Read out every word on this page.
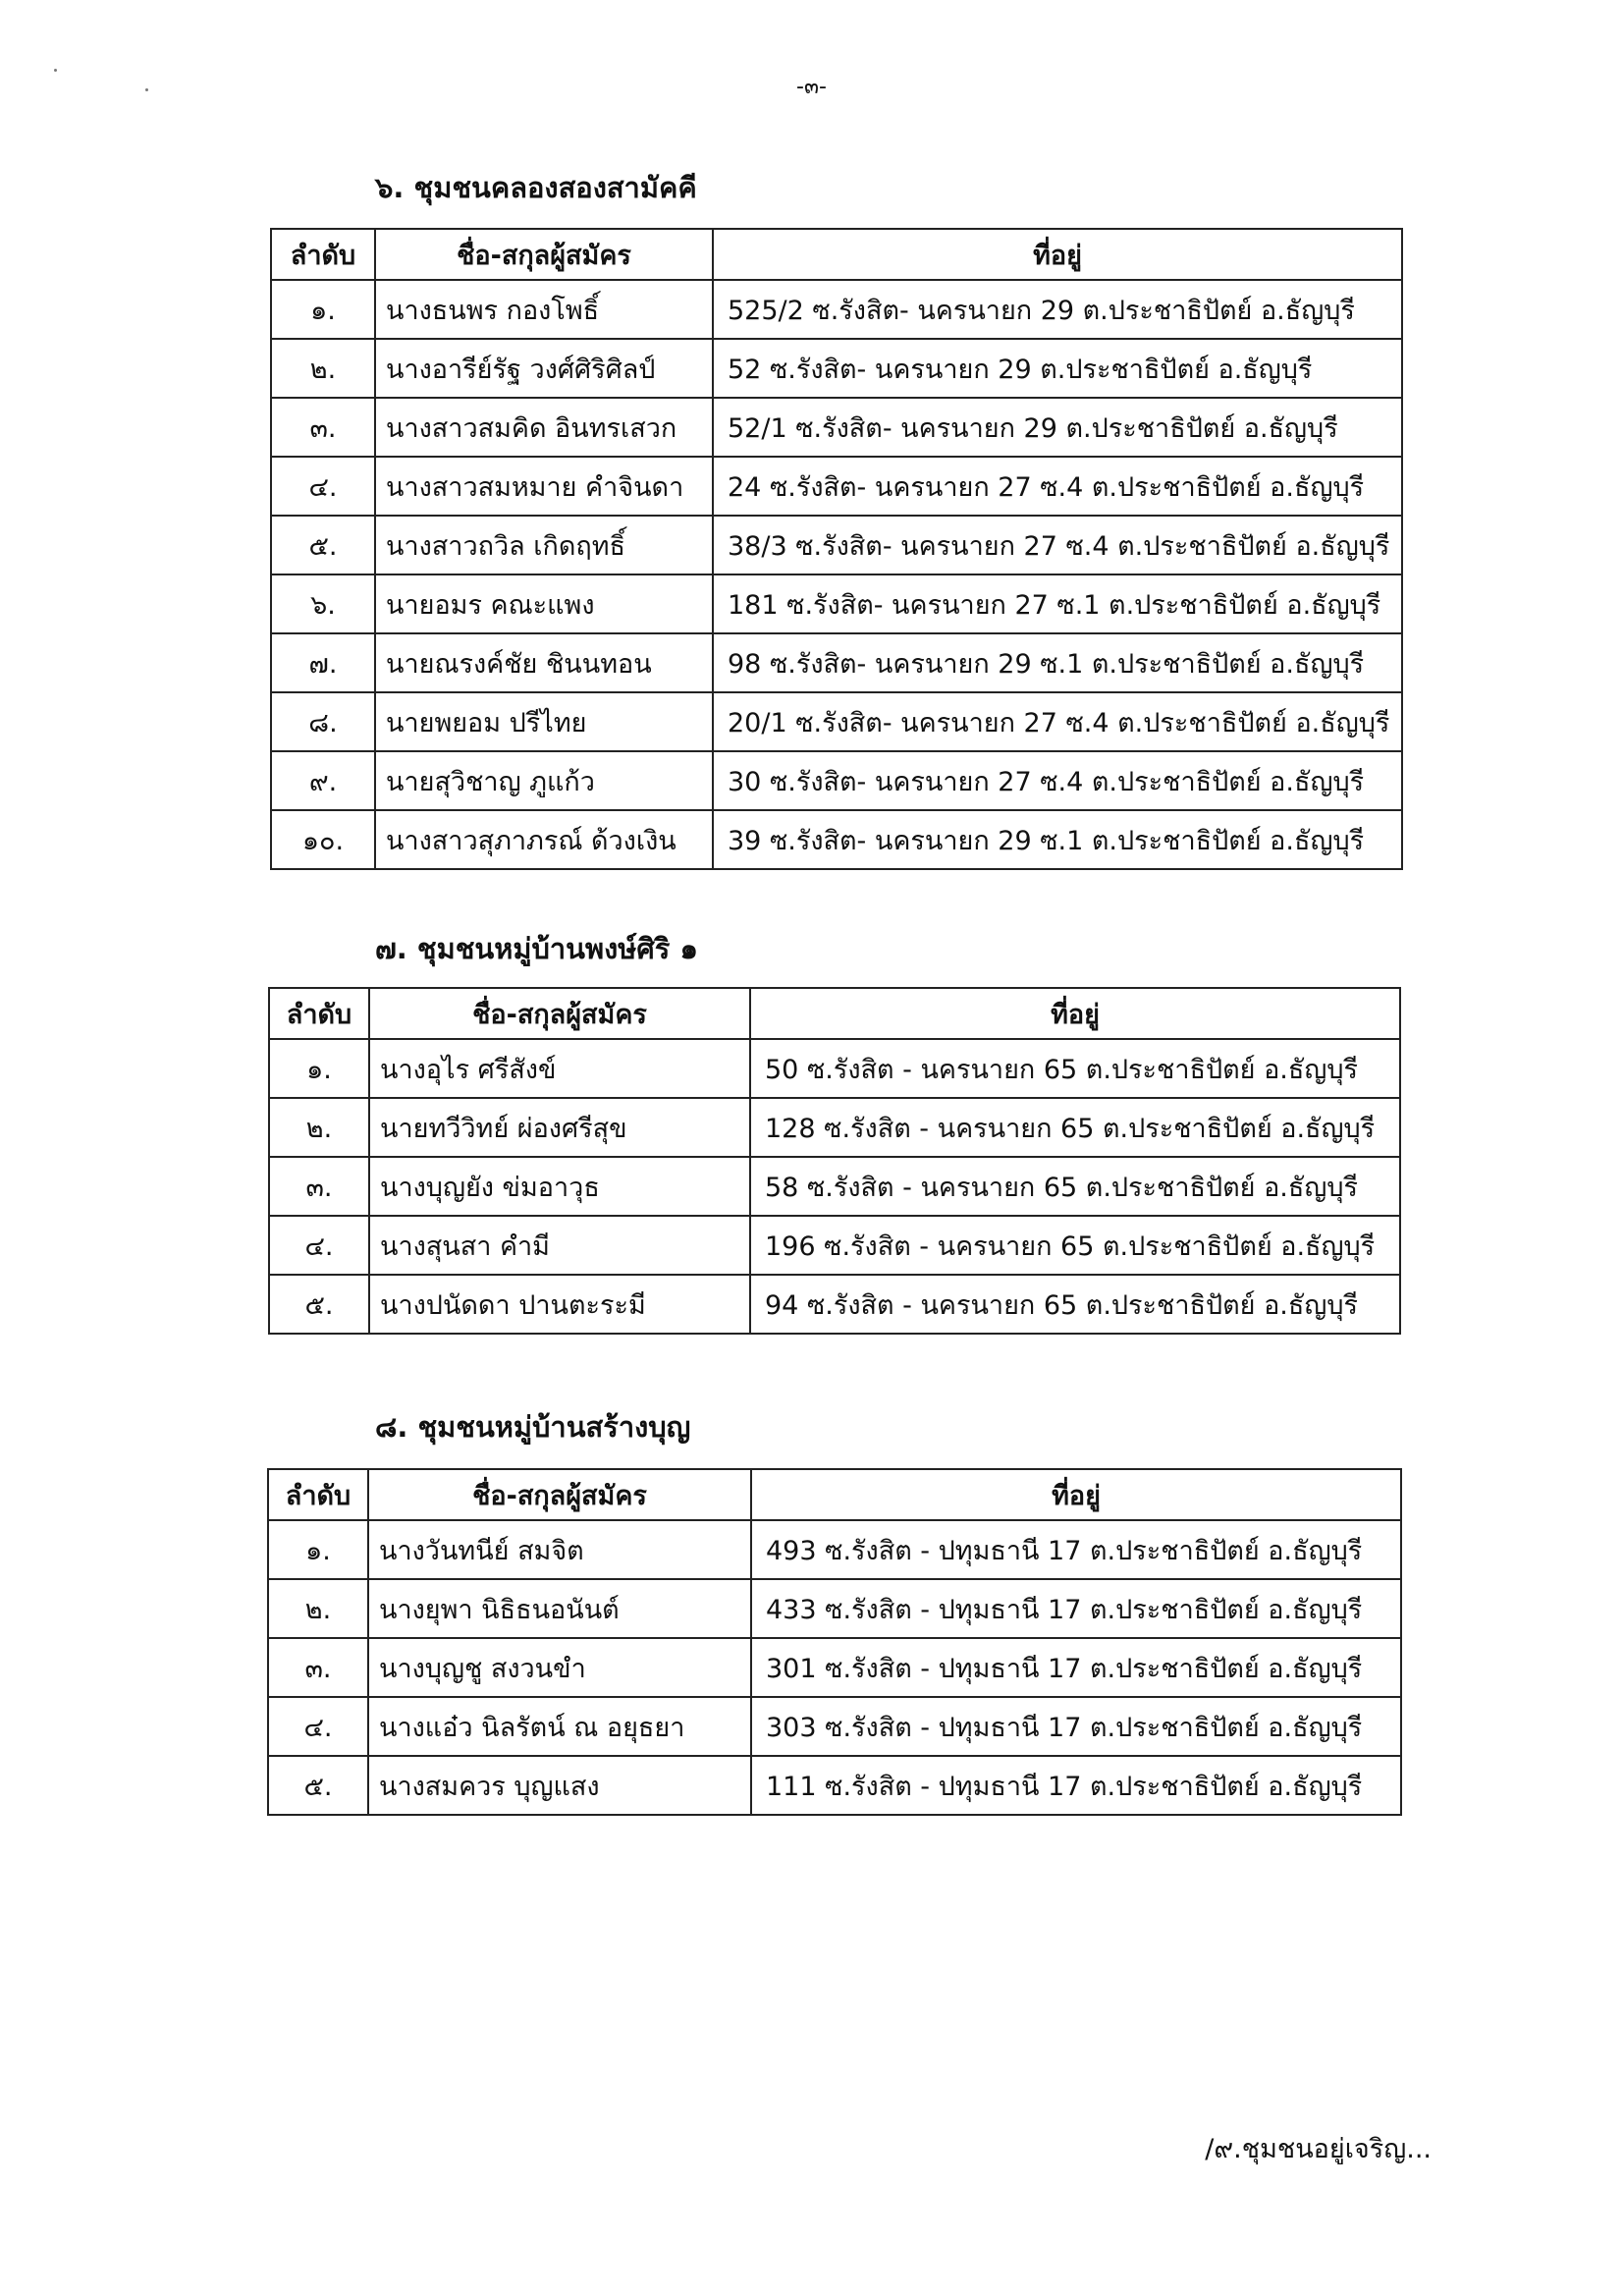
-๓-
๖. ชุมชนคลองสองสามัคคี
ลำดับ	ชื่อ-สกุลผู้สมัคร	ที่อยู่
๑.	นางธนพร กองโพธิ์	525/2 ซ.รังสิต- นครนายก 29 ต.ประชาธิปัตย์ อ.ธัญบุรี
๒.	นางอารีย์รัฐ วงศ์ศิริศิลป์	52 ซ.รังสิต- นครนายก 29 ต.ประชาธิปัตย์ อ.ธัญบุรี
๓.	นางสาวสมคิด อินทรเสวก	52/1 ซ.รังสิต- นครนายก 29 ต.ประชาธิปัตย์ อ.ธัญบุรี
๔.	นางสาวสมหมาย คำจินดา	24 ซ.รังสิต- นครนายก 27 ซ.4 ต.ประชาธิปัตย์ อ.ธัญบุรี
๕.	นางสาวถวิล เกิดฤทธิ์	38/3 ซ.รังสิต- นครนายก 27 ซ.4 ต.ประชาธิปัตย์ อ.ธัญบุรี
๖.	นายอมร คณะแพง	181 ซ.รังสิต- นครนายก 27 ซ.1 ต.ประชาธิปัตย์ อ.ธัญบุรี
๗.	นายณรงค์ชัย ชินนทอน	98 ซ.รังสิต- นครนายก 29 ซ.1 ต.ประชาธิปัตย์ อ.ธัญบุรี
๘.	นายพยอม ปรีไทย	20/1 ซ.รังสิต- นครนายก 27 ซ.4 ต.ประชาธิปัตย์ อ.ธัญบุรี
๙.	นายสุวิชาญ ภูแก้ว	30 ซ.รังสิต- นครนายก 27 ซ.4 ต.ประชาธิปัตย์ อ.ธัญบุรี
๑๐.	นางสาวสุภาภรณ์ ด้วงเงิน	39 ซ.รังสิต- นครนายก 29 ซ.1 ต.ประชาธิปัตย์ อ.ธัญบุรี
๗. ชุมชนหมู่บ้านพงษ์ศิริ ๑
ลำดับ	ชื่อ-สกุลผู้สมัคร	ที่อยู่
๑.	นางอุไร ศรีสังข์	50 ซ.รังสิต - นครนายก 65 ต.ประชาธิปัตย์ อ.ธัญบุรี
๒.	นายทวีวิทย์ ผ่องศรีสุข	128 ซ.รังสิต - นครนายก 65 ต.ประชาธิปัตย์ อ.ธัญบุรี
๓.	นางบุญยัง ข่มอาวุธ	58 ซ.รังสิต - นครนายก 65 ต.ประชาธิปัตย์ อ.ธัญบุรี
๔.	นางสุนสา คำมี	196 ซ.รังสิต - นครนายก 65 ต.ประชาธิปัตย์ อ.ธัญบุรี
๕.	นางปนัดดา ปานตะระมี	94 ซ.รังสิต - นครนายก 65 ต.ประชาธิปัตย์ อ.ธัญบุรี
๘. ชุมชนหมู่บ้านสร้างบุญ
ลำดับ	ชื่อ-สกุลผู้สมัคร	ที่อยู่
๑.	นางวันทนีย์ สมจิต	493 ซ.รังสิต - ปทุมธานี 17 ต.ประชาธิปัตย์ อ.ธัญบุรี
๒.	นางยุพา นิธิธนอนันต์	433 ซ.รังสิต - ปทุมธานี 17 ต.ประชาธิปัตย์ อ.ธัญบุรี
๓.	นางบุญชู สงวนขำ	301 ซ.รังสิต - ปทุมธานี 17 ต.ประชาธิปัตย์ อ.ธัญบุรี
๔.	นางแอ๋ว นิลรัตน์ ณ อยุธยา	303 ซ.รังสิต - ปทุมธานี 17 ต.ประชาธิปัตย์ อ.ธัญบุรี
๕.	นางสมควร บุญแสง	111 ซ.รังสิต - ปทุมธานี 17 ต.ประชาธิปัตย์ อ.ธัญบุรี
/๙.ชุมชนอยู่เจริญ...
